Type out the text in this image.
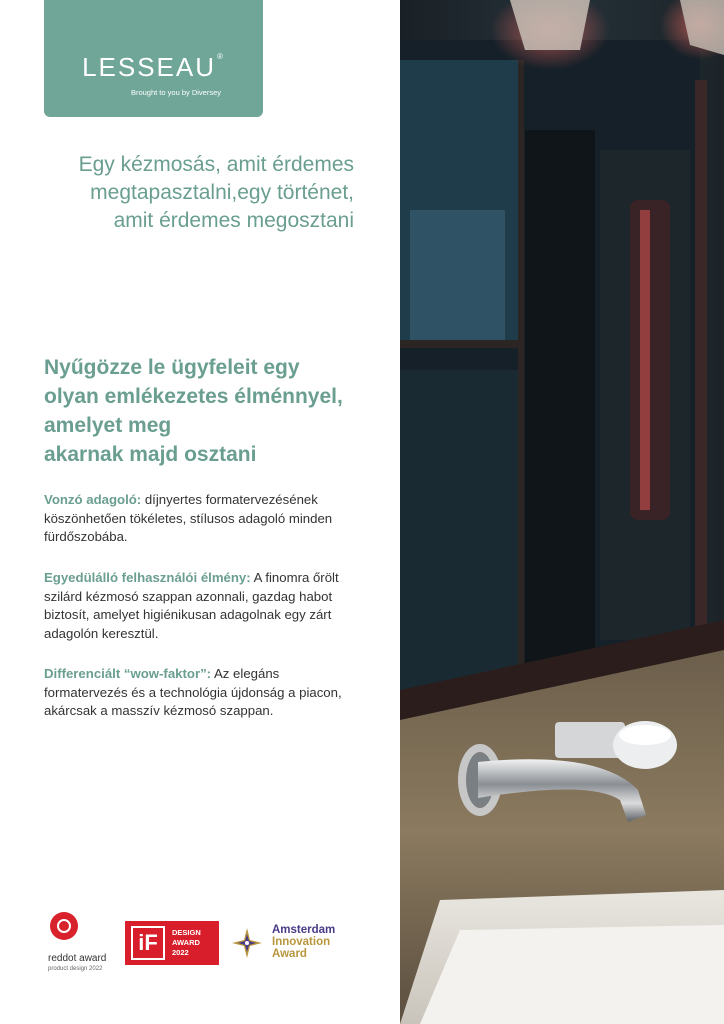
LESSEAU®
Brought to you by Diversey
Egy kézmosás, amit érdemes
megtapasztalni,egy történet,
amit érdemes megosztani
Nyűgözze le ügyfeleit egy
olyan emlékezetes élménnyel,
amelyet meg
akarnak majd osztani
Vonzó adagoló: díjnyertes formatervezésének
köszönhetően tökéletes, stílusos adagoló minden
fürdőszobába.
Egyedülálló felhasználói élmény: A finomra őrölt
szilárd kézmosó szappan azonnali, gazdag habot
biztosít, amelyet higiénikusan adagolnak egy zárt
adagolón keresztül.
Differenciált “wow-faktor”: Az elegáns
formatervezés és a technológia újdonság a piacon,
akárcsak a masszív kézmosó szappan.
reddot award
product design 2022
iF	DESIGN
AWARD
2022
Amsterdam
Innovation
Award
